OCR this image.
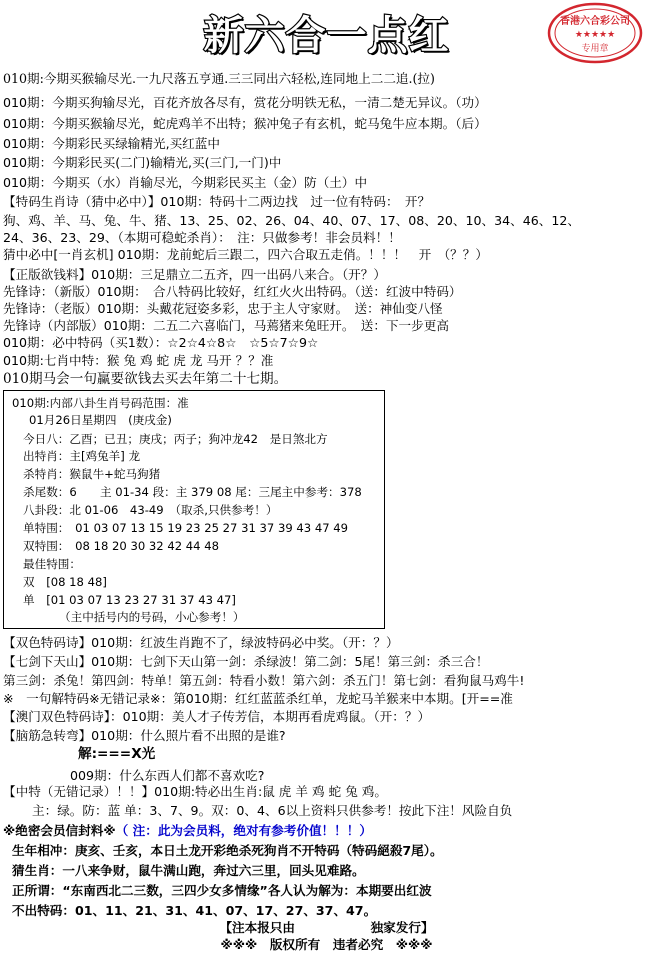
新六合一点红	香港六合彩公司
★★★★★
专用章
010期:今期买猴输尽光.一九尺落五亨通.三三同出六轻松,连同地上二二追.(拉)
010期：今期买狗输尽光，百花齐放各尽有，赏花分明铁无私，一清二楚无异议。（功）
010期：今期买猴输尽光，蛇虎鸡羊不出特；猴冲兔子有玄机，蛇马兔牛应本期。（后）
010期：今期彩民买绿输精光,买红蓝中
010期：今期彩民买(二门)输精光,买(三门,一门)中
010期：今期买（水）肖输尽光，今期彩民买主（金）防（土）中
【特码生肖诗（猜中必中）】010期：特码十二两边找　过一位有特码：　开？
狗、鸡、羊、马、兔、牛、猪、13、25、02、26、04、40、07、17、08、20、10、34、46、12、
24、36、23、29、（本期可稳蛇杀肖）：　注：只做参考！非会员料！！
猜中必中[一肖玄机] 010期：龙前蛇后三跟二，四六合取五走俏。！！！　开　（？？）
【正版欲钱料】010期：三足鼎立二五齐，四一出码八来合。（开？）
先锋诗：（新版）010期：　合八特码比较好，红红火火出特码。（送：红波中特码）
先锋诗：（老版）010期：头戴花冠姿多彩，忠于主人守家财。　送：神仙变八怪
先锋诗（内部版）010期：二五二六喜临门，马蔫猪来兔旺开。　送：下一步更高
010期：必中特码（买1数）：☆2☆4☆8☆　☆5☆7☆9☆
010期:七肖中特：猴 兔 鸡 蛇 虎 龙 马开 ？？准
010期马会一句赢要欲钱去买去年第二十七期。
010期:内部八卦生肖号码范围：准
01月26日星期四　(庚戌金)
今日八：乙酉；已丑；庚戌；丙子；狗冲龙42　是日煞北方
出特肖：主[鸡兔羊] 龙
杀特肖：猴鼠牛+蛇马狗猪
杀尾数：6　　主 01-34 段：主 379 08 尾：三尾主中参考：378
八卦段：北 01-06　43-49　（取杀,只供参考！）
单特围：　01 03 07 13 15 19 23 25 27 31 37 39 43 47 49
双特围：　08 18 20 30 32 42 44 48
最佳特围：
双　[08 18 48]
单　[01 03 07 13 23 27 31 37 43 47]
（主中括号内的号码，小心参考！）
【双色特码诗】010期：红波生肖跑不了，绿波特码必中奖。（开：？）
【七剑下天山】010期：七剑下天山第一剑：杀绿波！第二剑：5尾！第三剑：杀三合！
第三剑：杀兔！第四剑：特单！第五剑：特看小数！第六剑：杀五门！第七剑：看狗鼠马鸡牛!
※　一句解特码※无错记录※：第010期：红红蓝蓝杀红单，龙蛇马羊猴来中本期。[开==准
【澳门双色特码诗】：010期：美人才子传芳信，本期再看虎鸡鼠。（开：？）
【脑筋急转弯】010期：什么照片看不出照的是谁?
解:===X光
009期：什么东西人们都不喜欢吃?
【中特（无错记录）！！】010期:特必出生肖:鼠 虎 羊 鸡 蛇 兔 鸡。
主：绿。防：蓝 单：3、7、9。双：0、4、6以上资料只供参考！按此下注！风险自负
※绝密会员信封料※（ 注：此为会员料，绝对有参考价值！！！）
生年相冲：庚亥、壬亥，本日土龙开彩绝杀死狗肖不开特码（特码絕殺7尾）。
猜生肖：一八来争财，鼠牛满山跑，奔过六三里，回头见难路。
正所谓：“东南西北二三数，三四少女多情缘”各人认为解为：本期要出红波
不出特码：01、11、21、31、41、07、17、27、37、47。
【注本报只由　　　　　　独家发行】
※※※　版权所有　违者必究　※※※
